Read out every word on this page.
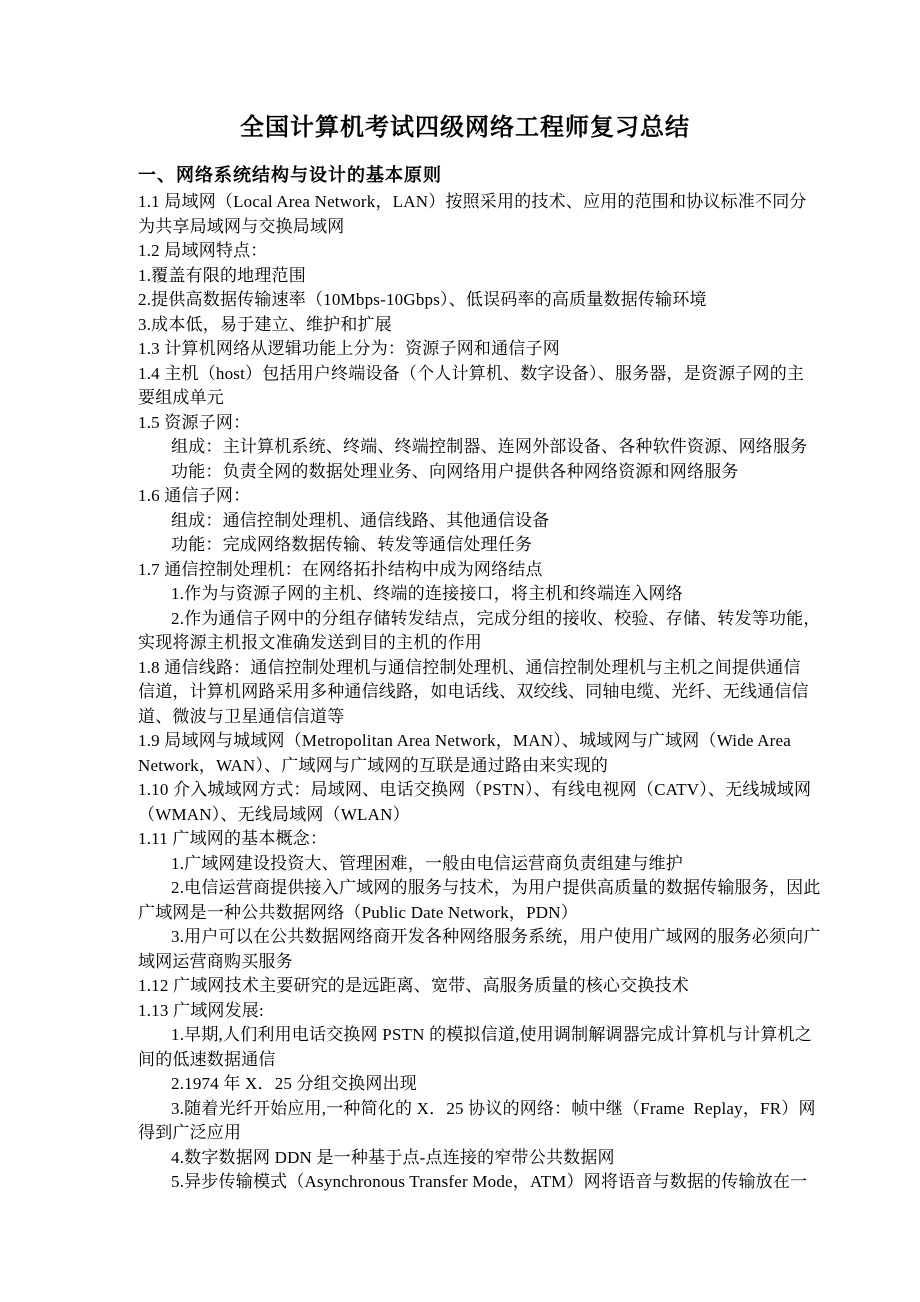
全国计算机考试四级网络工程师复习总结
一、网络系统结构与设计的基本原则
1.1 局域网（Local Area Network，LAN）按照采用的技术、应用的范围和协议标准不同分
为共享局域网与交换局域网
1.2 局域网特点：
1.覆盖有限的地理范围
2.提供高数据传输速率（10Mbps-10Gbps）、低误码率的高质量数据传输环境
3.成本低，易于建立、维护和扩展
1.3 计算机网络从逻辑功能上分为：资源子网和通信子网
1.4 主机（host）包括用户终端设备（个人计算机、数字设备）、服务器，是资源子网的主
要组成单元
1.5 资源子网：
组成：主计算机系统、终端、终端控制器、连网外部设备、各种软件资源、网络服务
功能：负责全网的数据处理业务、向网络用户提供各种网络资源和网络服务
1.6 通信子网：
组成：通信控制处理机、通信线路、其他通信设备
功能：完成网络数据传输、转发等通信处理任务
1.7 通信控制处理机：在网络拓扑结构中成为网络结点
1.作为与资源子网的主机、终端的连接接口，将主机和终端连入网络
2.作为通信子网中的分组存储转发结点，完成分组的接收、校验、存储、转发等功能，
实现将源主机报文准确发送到目的主机的作用
1.8 通信线路：通信控制处理机与通信控制处理机、通信控制处理机与主机之间提供通信
信道，计算机网路采用多种通信线路，如电话线、双绞线、同轴电缆、光纤、无线通信信
道、微波与卫星通信信道等
1.9 局域网与城域网（Metropolitan Area Network，MAN）、城域网与广域网（Wide Area
Network，WAN）、广域网与广域网的互联是通过路由来实现的
1.10 介入城域网方式：局域网、电话交换网（PSTN）、有线电视网（CATV）、无线城域网
（WMAN）、无线局域网（WLAN）
1.11 广域网的基本概念：
1.广域网建设投资大、管理困难，一般由电信运营商负责组建与维护
2.电信运营商提供接入广域网的服务与技术，为用户提供高质量的数据传输服务，因此
广域网是一种公共数据网络（Public Date Network，PDN）
3.用户可以在公共数据网络商开发各种网络服务系统，用户使用广域网的服务必须向广
域网运营商购买服务
1.12 广域网技术主要研究的是远距离、宽带、高服务质量的核心交换技术
1.13 广域网发展:
1.早期,人们利用电话交换网 PSTN 的模拟信道,使用调制解调器完成计算机与计算机之
间的低速数据通信
2.1974 年 X．25 分组交换网出现
3.随着光纤开始应用,一种简化的 X．25 协议的网络：帧中继（Frame  Replay，FR）网
得到广泛应用
4.数字数据网 DDN 是一种基于点-点连接的窄带公共数据网
5.异步传输模式（Asynchronous Transfer Mode，ATM）网将语音与数据的传输放在一
